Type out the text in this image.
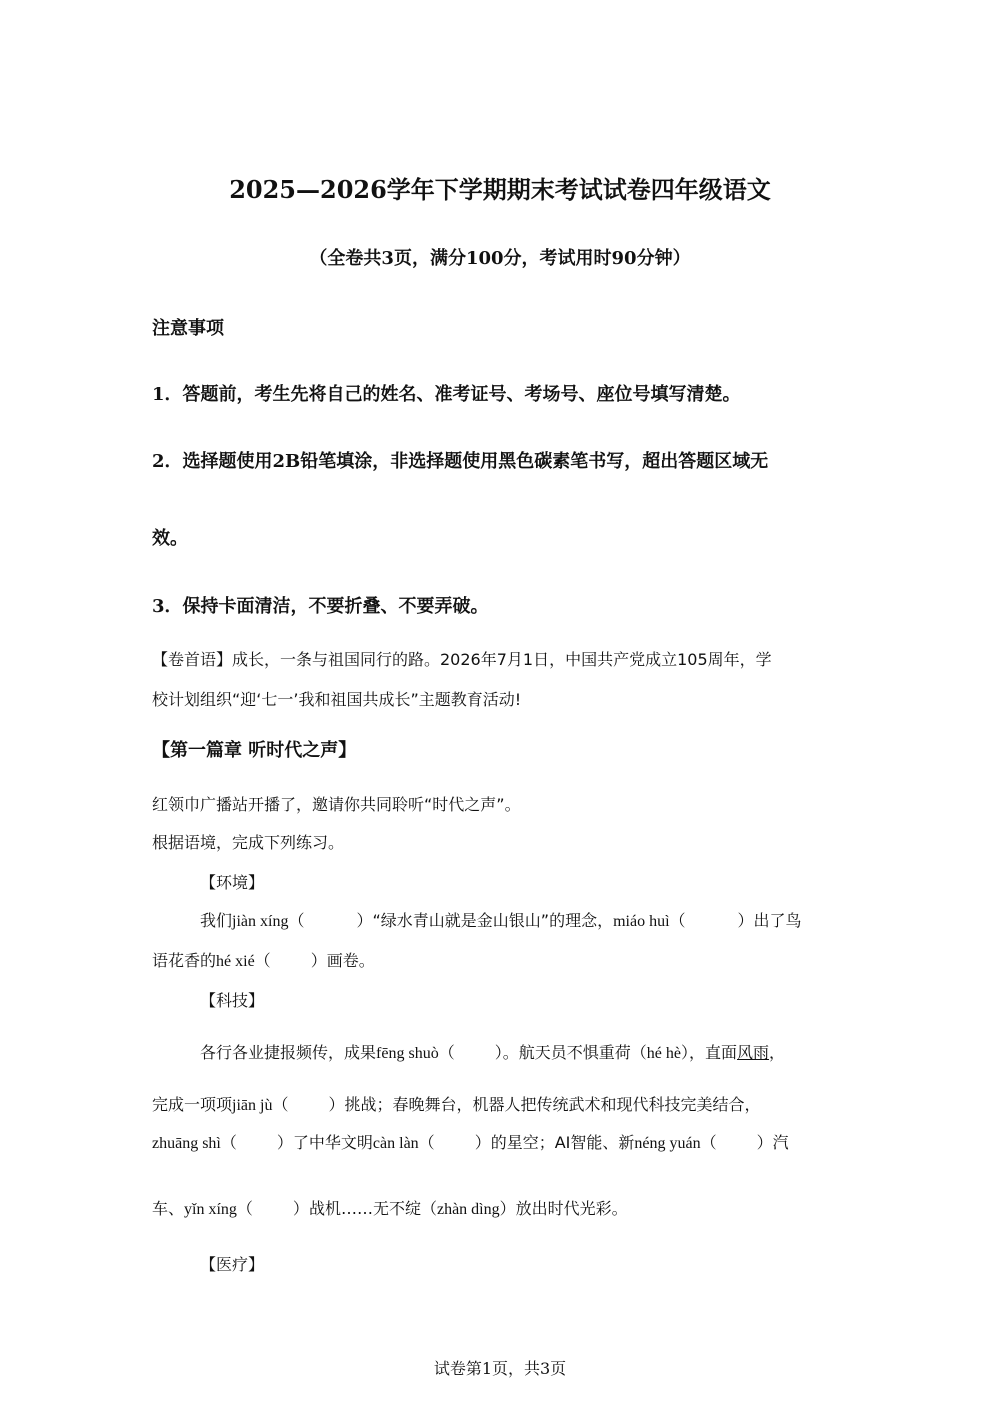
2025—2026学年下学期期末考试试卷四年级语文
（全卷共3页，满分100分，考试用时90分钟）
注意事项
1．答题前，考生先将自己的姓名、准考证号、考场号、座位号填写清楚。
2．选择题使用2B铅笔填涂，非选择题使用黑色碳素笔书写，超出答题区域无
效。
3．保持卡面清洁，不要折叠、不要弄破。
【卷首语】成长，一条与祖国同行的路。2026年7月1日，中国共产党成立105周年，学
校计划组织“迎‘七一’我和祖国共成长”主题教育活动!
【第一篇章 听时代之声】
红领巾广播站开播了，邀请你共同聆听“时代之声”。
根据语境，完成下列练习。
【环境】
我们jiàn xíng（	）“绿水青山就是金山银山”的理念，miáo huì（	）出了鸟
语花香的hé xié（	）画卷。
【科技】
各行各业捷报频传，成果fēng shuò（	）。航天员不惧重荷（hé hè），直面风雨，
完成一项项jiān jù（	）挑战；春晚舞台，机器人把传统武术和现代科技完美结合，
zhuāng shì（	）了中华文明càn làn（	）的星空；AI智能、新néng yuán（	）汽
车、yǐn xíng（	）战机……无不绽（zhàn dìng）放出时代光彩。
【医疗】
试卷第1页，共3页
